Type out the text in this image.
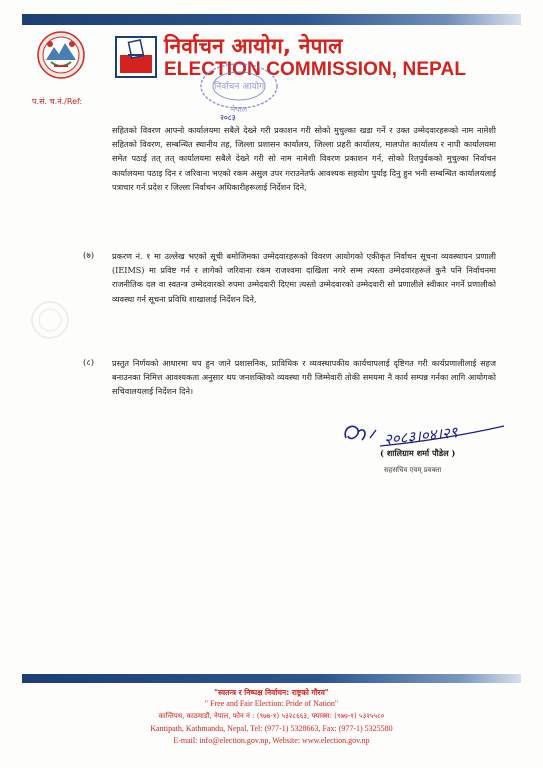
निर्वाचन आयोग, नेपाल
ELECTION COMMISSION, NEPAL
प.सं. च.नं./Ref:
निर्वाचन आयोग
नेपाल
२०८३
सहितको विवरण आफ्नो कार्यालयमा सबैले देख्ने गरी प्रकाशन गरी सोको मुचुल्का खडा गर्ने र उक्त उम्मेदवारहरूको नाम नामेशी सहितको विवरण, सम्बन्धित स्थानीय तह, जिल्ला प्रशासन कार्यालय, जिल्ला प्रहरी कार्यालय, मालपोत कार्यालय र नापी कार्यालयमा समेत पठाई तत् तत् कार्यालयमा सबैले देख्ने गरी सो नाम नामेशी विवरण प्रकाशन गर्न, सोको रितपुर्वकको मुचुल्का निर्वाचन कार्यालयमा पठाइ दिन र जरिवाना भएको रकम असुल उपर गराउनेतर्फ आवश्यक सहयोग पुर्याइ दिनु हुन भनी सम्बन्धित कार्यालयलाई पत्राचार गर्न प्रदेश र जिल्ला निर्वाचन अधिकारीहरूलाई निर्देशन दिने,
(७) प्रकरण नं. १ मा उल्लेख भएको सूची बमोजिमका उम्मेदवारहरूको विवरण आयोगको एकीकृत निर्वाचन सूचना व्यवस्थापन प्रणाली (IEIMS) मा प्रविष्ट गर्न र लागेको जरिवाना रकम राजश्वमा दाखिला नगरे सम्म त्यस्ता उम्मेदवारहरूले कुनै पनि निर्वाचनमा राजनीतिक दल वा स्वतन्त्र उम्मेदवारको रुपमा उम्मेदवारी दिएमा त्यस्तो उम्मेदवारको उम्मेदवारी सो प्रणालीले स्वीकार नगर्ने प्रणालीको व्यवस्था गर्न सूचना प्रविधि शाखालाई निर्देशन दिने,
(८) प्रस्तुत निर्णयको आधारमा थप हुन जाने प्रशासनिक, प्राविधिक र व्यवस्थापकीय कार्यचापलाई दृष्टिगत गरी कार्यप्रणालीलाई सहज बनाउनका निमित्त आवश्यकता अनुसार थप जनशक्तिको व्यवस्था गरी जिम्मेवारी तोकी समयमा नै कार्य सम्पन्न गर्नका लागि आयोगको सचिवालयलाई निर्देशन दिने।
२०८३।०४।२९
( शालिग्राम शर्मा पौडेल )
सहसचिव एवम् प्रवक्ता
"स्वतन्त्र र निष्पक्ष निर्वाचन: राष्ट्रको गौरव"
" Free and Fair Election: Pride of Nation"
कान्तिपथ, काठमाडौं, नेपाल, फोन नं : (९७७-१) ५३२८६६३, फ्याक्स: (९७७-१) ५३२५५८०
Kantipath, Kathmandu, Nepal, Tel: (977-1) 5328663, Fax: (977-1) 5325580
E-mail: info@election.gov.np, Website: www.election.gov.np
